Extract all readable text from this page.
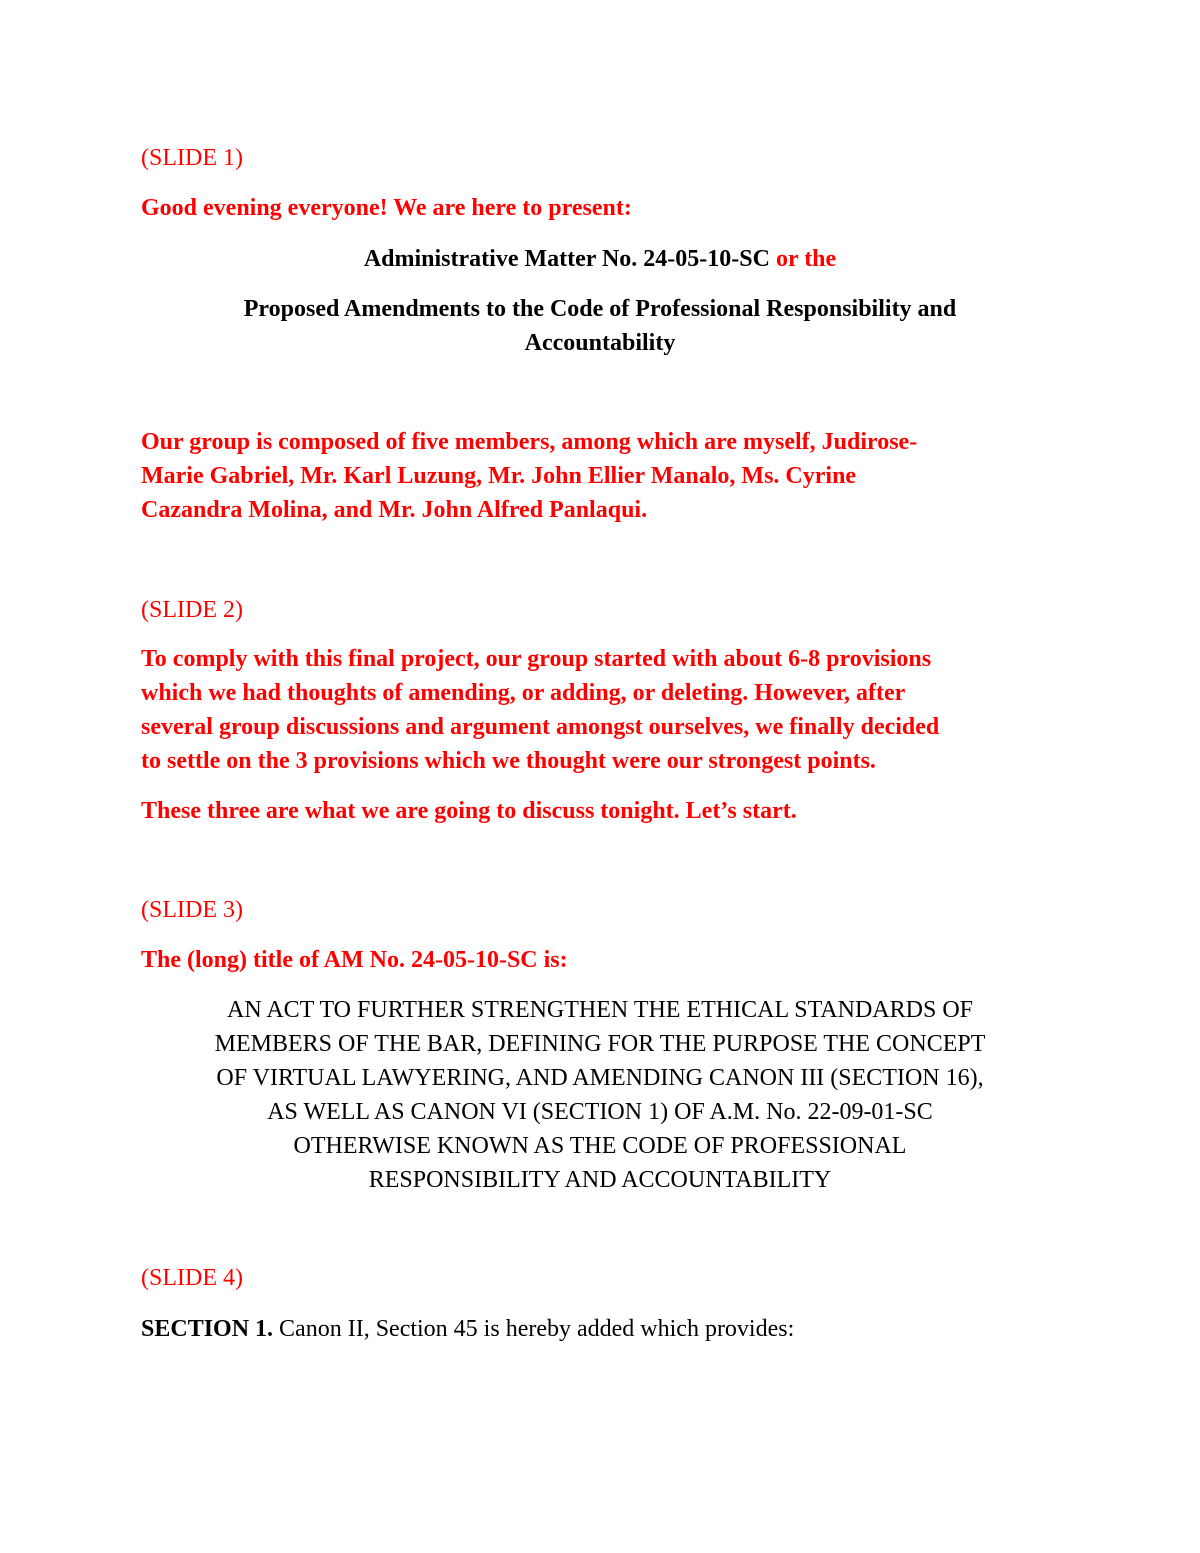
(SLIDE 1)

Good evening everyone! We are here to present:

Administrative Matter No. 24-05-10-SC or the

Proposed Amendments to the Code of Professional Responsibility and

Accountability

Our group is composed of five members, among which are myself, Judirose-

Marie Gabriel, Mr. Karl Luzung, Mr. John Ellier Manalo, Ms. Cyrine

Cazandra Molina, and Mr. John Alfred Panlaqui.

(SLIDE 2)

To comply with this final project, our group started with about 6-8 provisions

which we had thoughts of amending, or adding, or deleting. However, after

several group discussions and argument amongst ourselves, we finally decided

to settle on the 3 provisions which we thought were our strongest points.

These three are what we are going to discuss tonight. Let’s start.

(SLIDE 3)

The (long) title of AM No. 24-05-10-SC is:

AN ACT TO FURTHER STRENGTHEN THE ETHICAL STANDARDS OF
MEMBERS OF THE BAR, DEFINING FOR THE PURPOSE THE CONCEPT
OF VIRTUAL LAWYERING, AND AMENDING CANON III (SECTION 16),
AS WELL AS CANON VI (SECTION 1) OF A.M. No. 22-09-01-SC
OTHERWISE KNOWN AS THE CODE OF PROFESSIONAL
RESPONSIBILITY AND ACCOUNTABILITY

(SLIDE 4)

SECTION 1. Canon II, Section 45 is hereby added which provides:
